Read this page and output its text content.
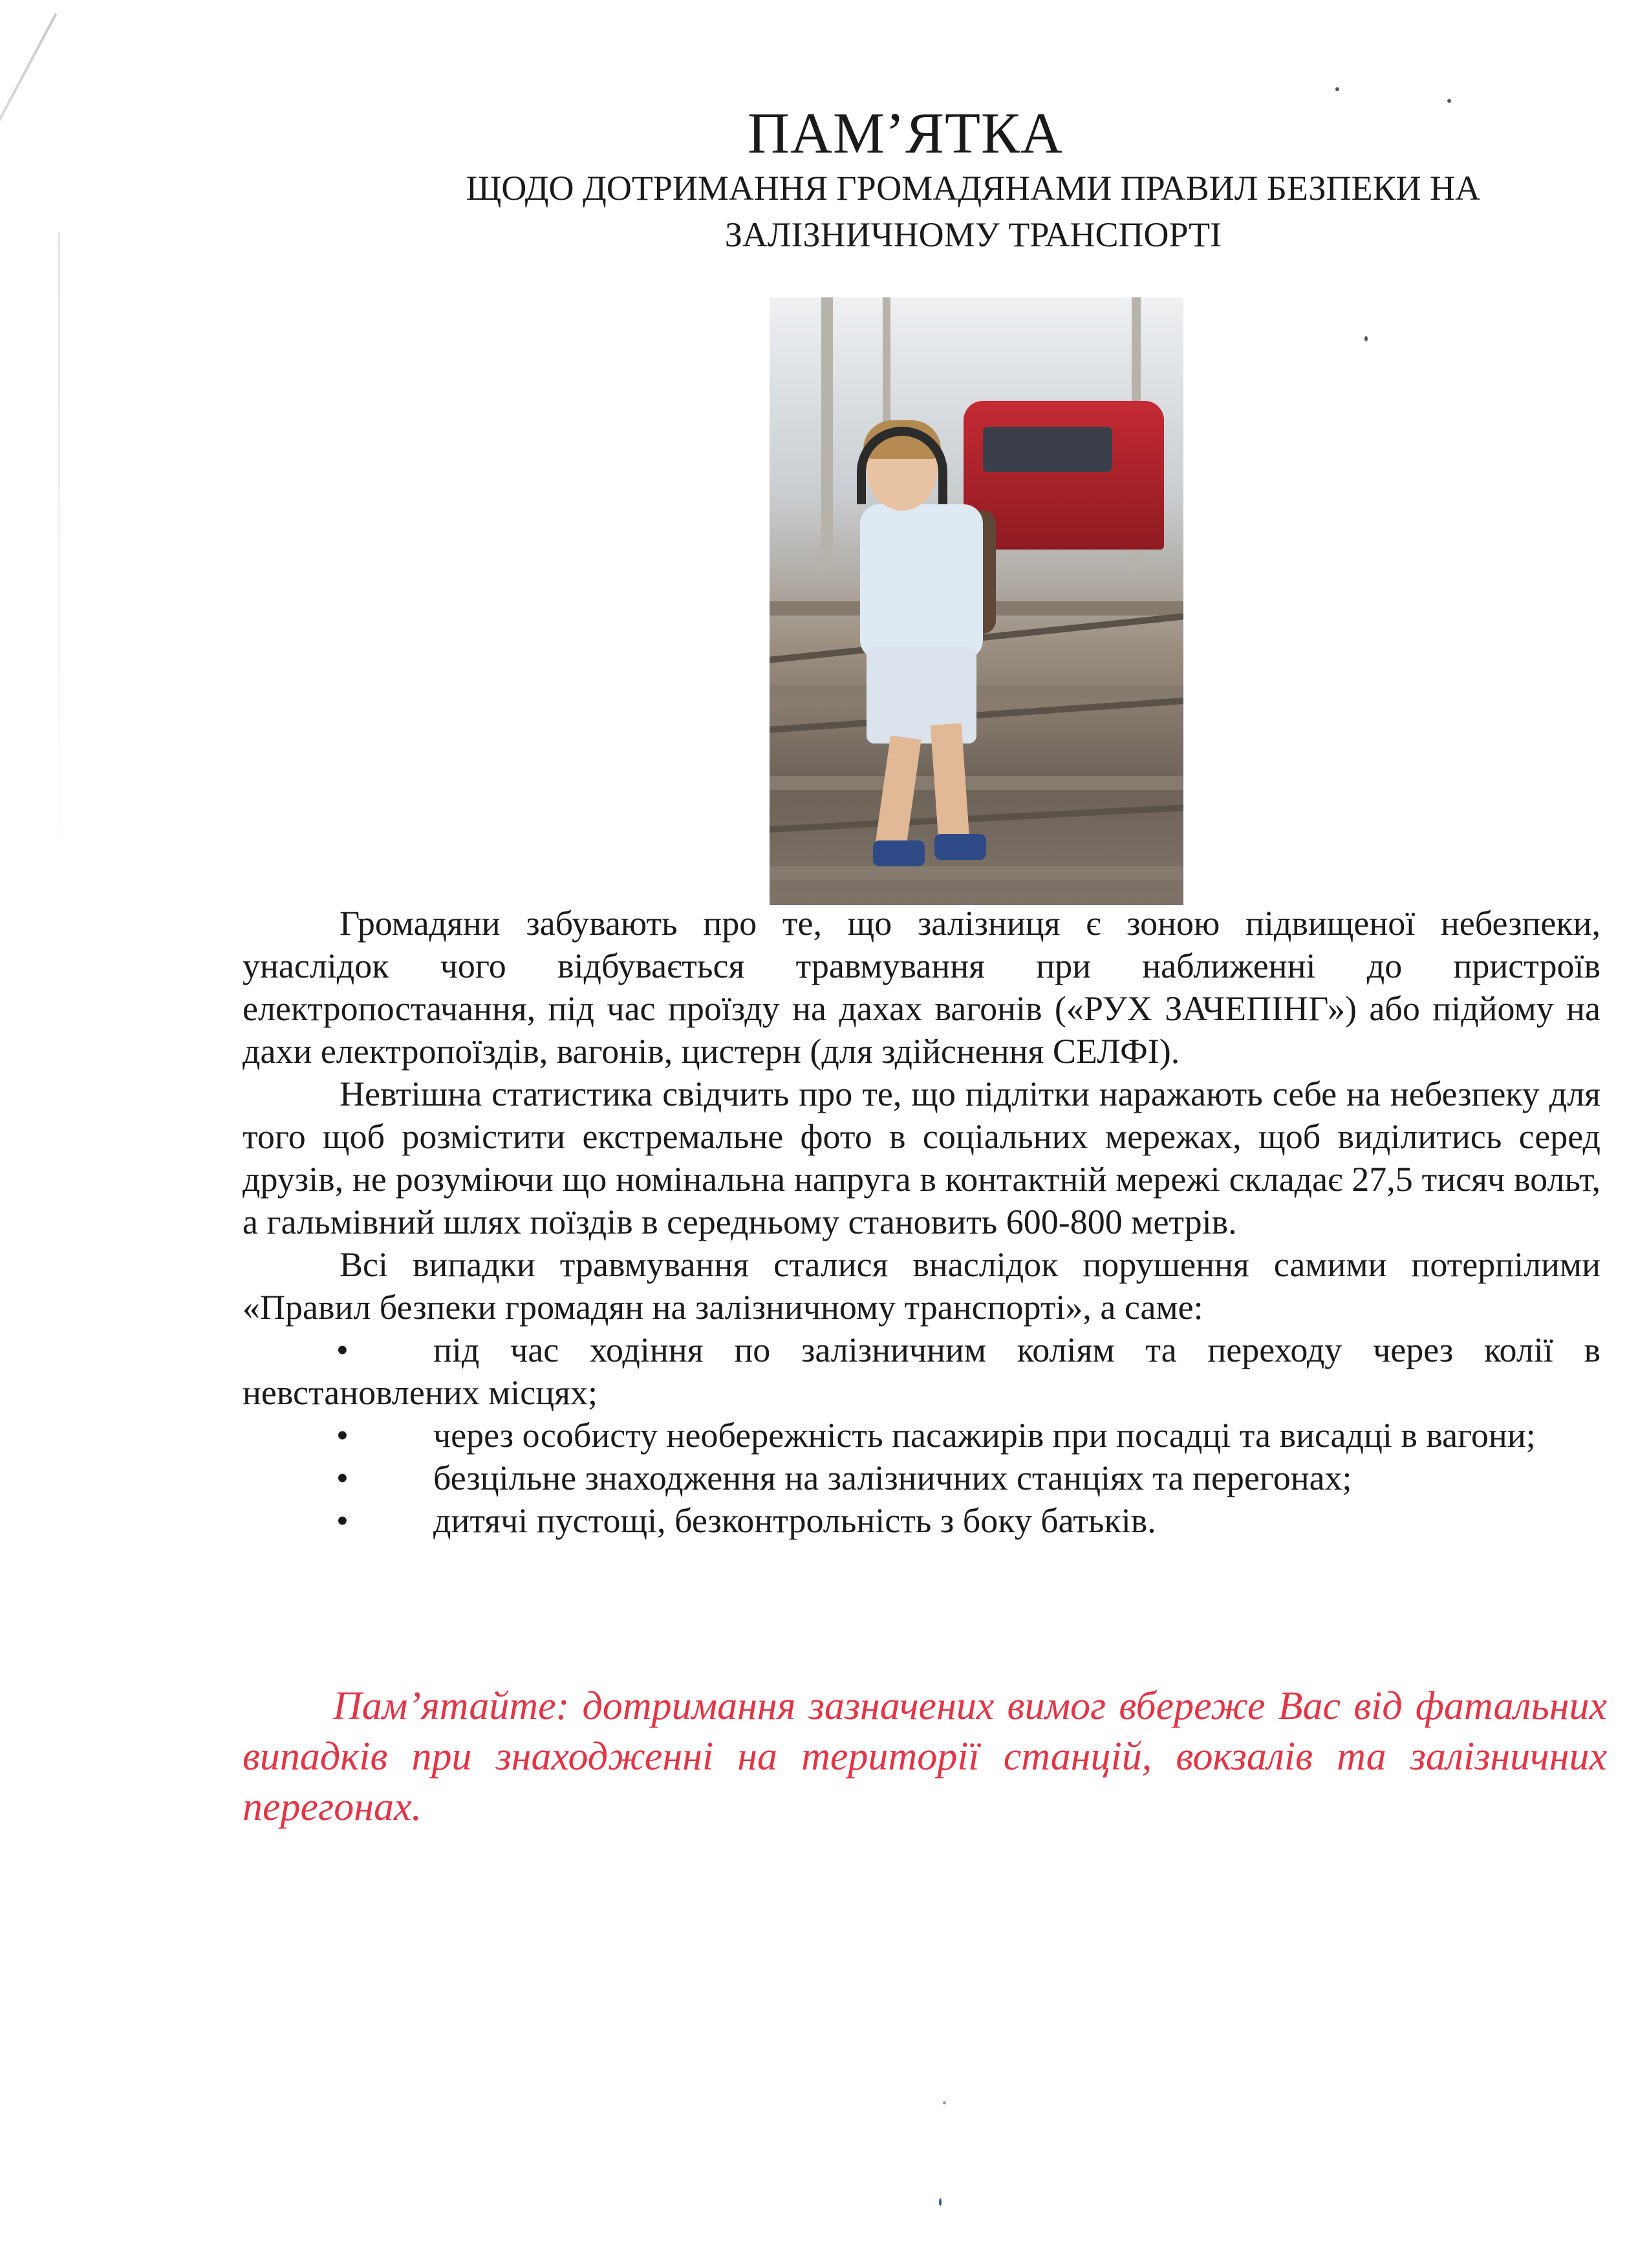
ПАМ’ЯТКА
ЩОДО ДОТРИМАННЯ ГРОМАДЯНАМИ ПРАВИЛ БЕЗПЕКИ НА ЗАЛІЗНИЧНОМУ ТРАНСПОРТІ

Громадяни забувають про те, що залізниця є зоною підвищеної небезпеки, унаслідок чого відбувається травмування при наближенні до пристроїв електропостачання, під час проїзду на дахах вагонів («РУХ ЗАЧЕПІНГ») або підйому на дахи електропоїздів, вагонів, цистерн (для здійснення СЕЛФІ).

Невтішна статистика свідчить про те, що підлітки наражають себе на небезпеку для того щоб розмістити екстремальне фото в соціальних мережах, щоб виділитись серед друзів, не розуміючи що номінальна напруга в контактній мережі складає 27,5 тисяч вольт, а гальмівний шлях поїздів в середньому становить 600-800 метрів.

Всі випадки травмування сталися внаслідок порушення самими потерпілими «Правил безпеки громадян на залізничному транспорті», а саме:

•	під час ходіння по залізничним коліям та переходу через колії в невстановлених місцях;
•	через особисту необережність пасажирів при посадці та висадці в вагони;
•	безцільне знаходження на залізничних станціях та перегонах;
•	дитячі пустощі, безконтрольність з боку батьків.
Пам’ятайте: дотримання зазначених вимог вбереже Вас від фатальних випадків при знаходженні на території станцій, вокзалів та залізничних перегонах.
